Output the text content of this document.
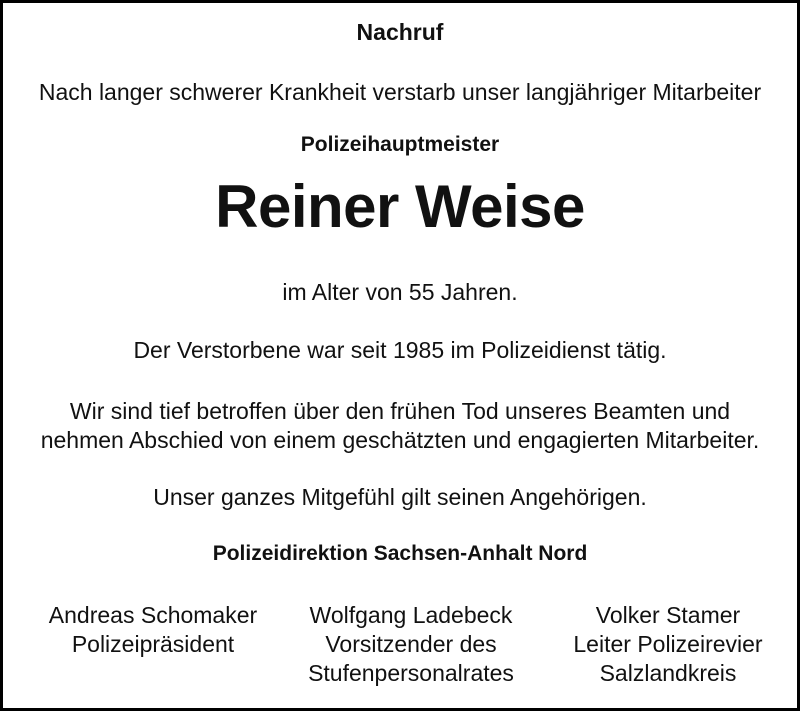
Nachruf
Nach langer schwerer Krankheit verstarb unser langjähriger Mitarbeiter
Polizeihauptmeister
Reiner Weise
im Alter von 55 Jahren.
Der Verstorbene war seit 1985 im Polizeidienst tätig.
Wir sind tief betroffen über den frühen Tod unseres Beamten und
nehmen Abschied von einem geschätzten und engagierten Mitarbeiter.
Unser ganzes Mitgefühl gilt seinen Angehörigen.
Polizeidirektion Sachsen-Anhalt Nord
Andreas Schomaker
Polizeipräsident
Wolfgang Ladebeck
Vorsitzender des
Stufenpersonalrates
Volker Stamer
Leiter Polizeirevier
Salzlandkreis
